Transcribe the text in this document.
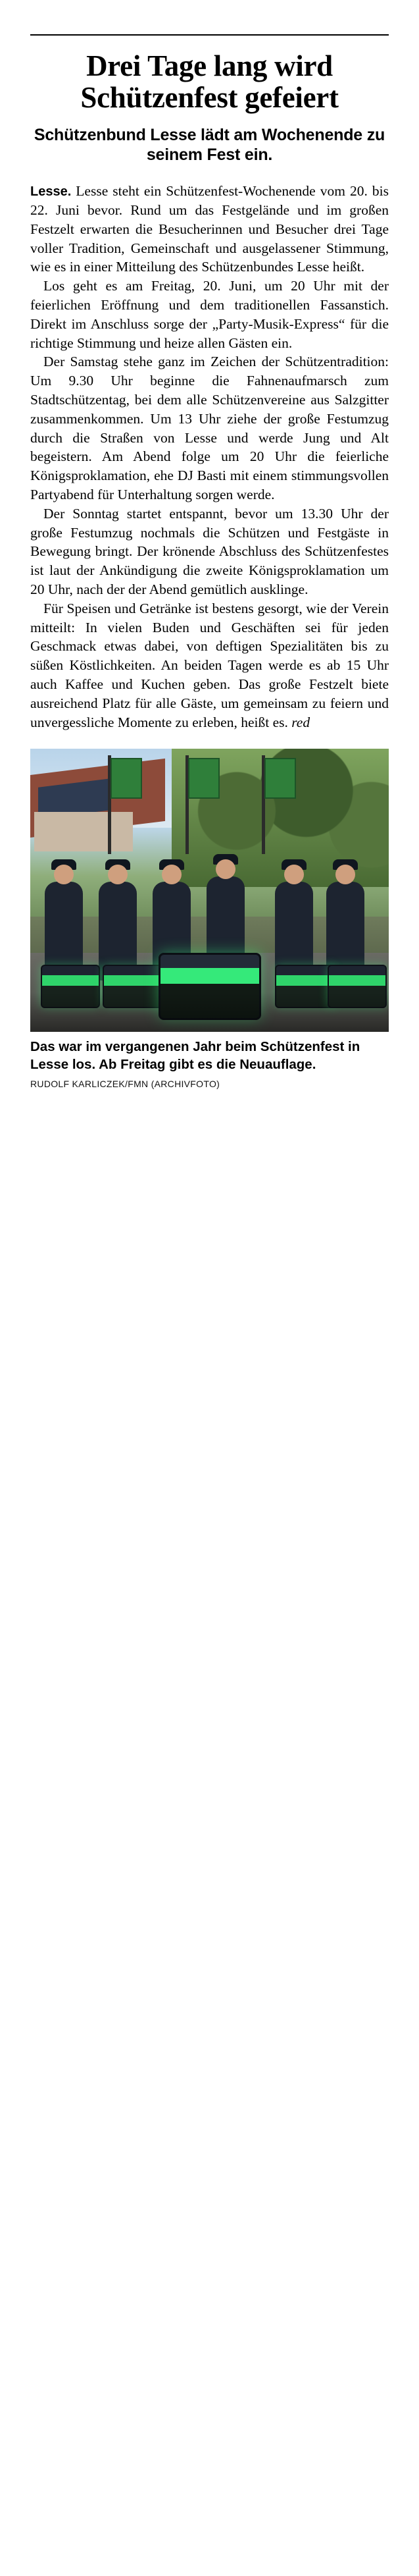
Drei Tage lang wird Schützenfest gefeiert
Schützenbund Lesse lädt am Wochenende zu seinem Fest ein.

Lesse. Lesse steht ein Schützenfest-Wochenende vom 20. bis 22. Juni bevor. Rund um das Festgelände und im großen Festzelt erwarten die Besucherinnen und Besucher drei Tage voller Tradition, Gemeinschaft und ausgelassener Stimmung, wie es in einer Mitteilung des Schützenbundes Lesse heißt.

Los geht es am Freitag, 20. Juni, um 20 Uhr mit der feierlichen Eröffnung und dem traditionellen Fassanstich. Direkt im Anschluss sorge der „Party-Musik-Express“ für die richtige Stimmung und heize allen Gästen ein.

Der Samstag stehe ganz im Zeichen der Schützentradition: Um 9.30 Uhr beginne die Fahnenaufmarsch zum Stadtschützentag, bei dem alle Schützenvereine aus Salzgitter zusammenkommen. Um 13 Uhr ziehe der große Festumzug durch die Straßen von Lesse und werde Jung und Alt begeistern. Am Abend folge um 20 Uhr die feierliche Königsproklamation, ehe DJ Basti mit einem stimmungsvollen Partyabend für Unterhaltung sorgen werde.

Der Sonntag startet entspannt, bevor um 13.30 Uhr der große Festumzug nochmals die Schützen und Festgäste in Bewegung bringt. Der krönende Abschluss des Schützenfestes ist laut der Ankündigung die zweite Königsproklamation um 20 Uhr, nach der der Abend gemütlich ausklinge.

Für Speisen und Getränke ist bestens gesorgt, wie der Verein mitteilt: In vielen Buden und Geschäften sei für jeden Geschmack etwas dabei, von deftigen Spezialitäten bis zu süßen Köstlichkeiten. An beiden Tagen werde es ab 15 Uhr auch Kaffee und Kuchen geben. Das große Festzelt biete ausreichend Platz für alle Gäste, um gemeinsam zu feiern und unvergessliche Momente zu erleben, heißt es. red

Das war im vergangenen Jahr beim Schützenfest in Lesse los. Ab Freitag gibt es die Neuauflage.
RUDOLF KARLICZEK/FMN (ARCHIVFOTO)
